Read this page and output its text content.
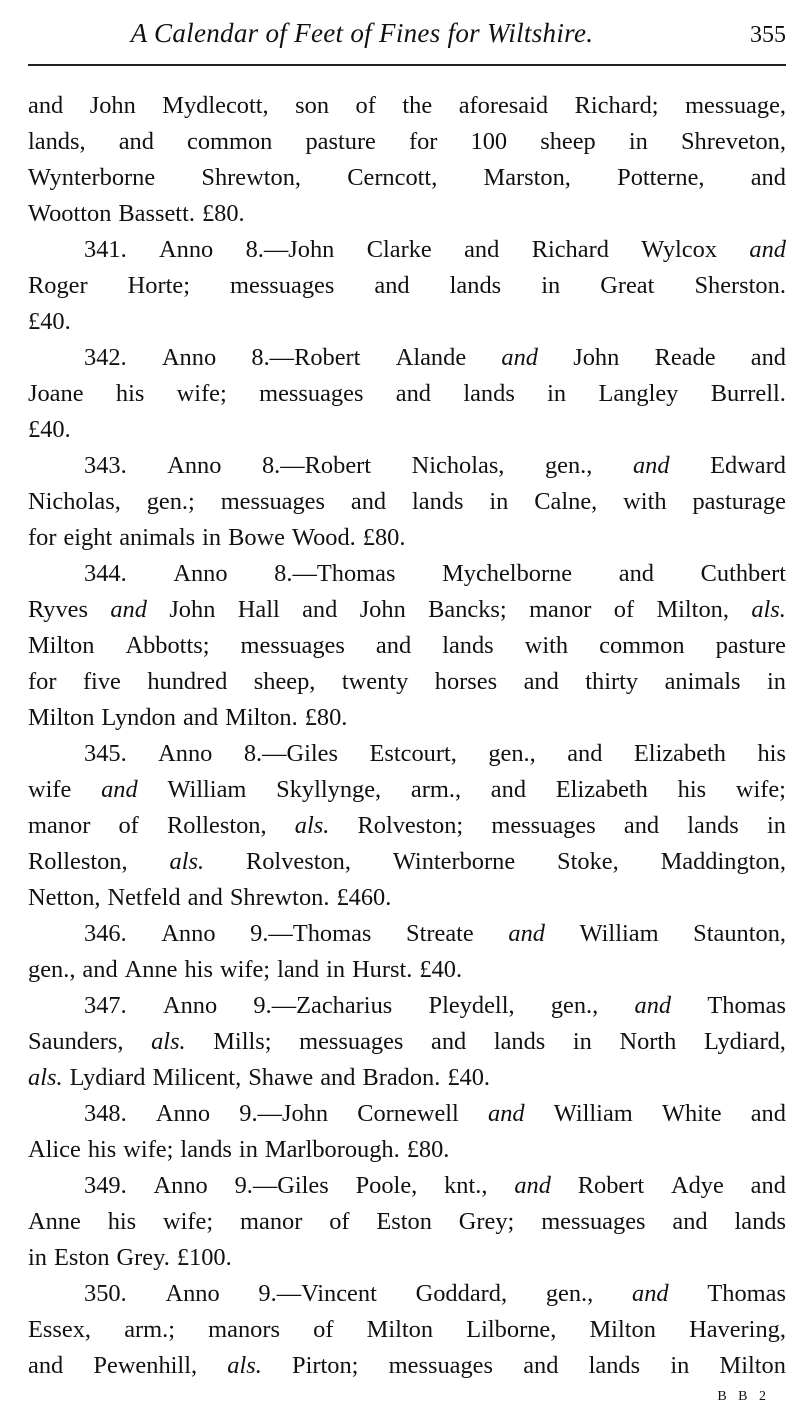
A Calendar of Feet of Fines for Wiltshire.	355
and John Mydlecott, son of the aforesaid Richard; messuage,
lands, and common pasture for 100 sheep in Shreveton,
Wynterborne Shrewton, Cerncott, Marston, Potterne, and
Wootton Bassett. £80.
341. Anno 8.—John Clarke and Richard Wylcox and
Roger Horte; messuages and lands in Great Sherston.
£40.
342. Anno 8.—Robert Alande and John Reade and
Joane his wife; messuages and lands in Langley Burrell.
£40.
343. Anno 8.—Robert Nicholas, gen., and Edward
Nicholas, gen.; messuages and lands in Calne, with pasturage
for eight animals in Bowe Wood. £80.
344. Anno 8.—Thomas Mychelborne and Cuthbert
Ryves and John Hall and John Bancks; manor of Milton, als.
Milton Abbotts; messuages and lands with common pasture
for five hundred sheep, twenty horses and thirty animals in
Milton Lyndon and Milton. £80.
345. Anno 8.—Giles Estcourt, gen., and Elizabeth his
wife and William Skyllynge, arm., and Elizabeth his wife;
manor of Rolleston, als. Rolveston; messuages and lands in
Rolleston, als. Rolveston, Winterborne Stoke, Maddington,
Netton, Netfeld and Shrewton. £460.
346. Anno 9.—Thomas Streate and William Staunton,
gen., and Anne his wife; land in Hurst. £40.
347. Anno 9.—Zacharius Pleydell, gen., and Thomas
Saunders, als. Mills; messuages and lands in North Lydiard,
als. Lydiard Milicent, Shawe and Bradon. £40.
348. Anno 9.—John Cornewell and William White and
Alice his wife; lands in Marlborough. £80.
349. Anno 9.—Giles Poole, knt., and Robert Adye and
Anne his wife; manor of Eston Grey; messuages and lands
in Eston Grey. £100.
350. Anno 9.—Vincent Goddard, gen., and Thomas
Essex, arm.; manors of Milton Lilborne, Milton Havering,
and Pewenhill, als. Pirton; messuages and lands in Milton
B B 2
